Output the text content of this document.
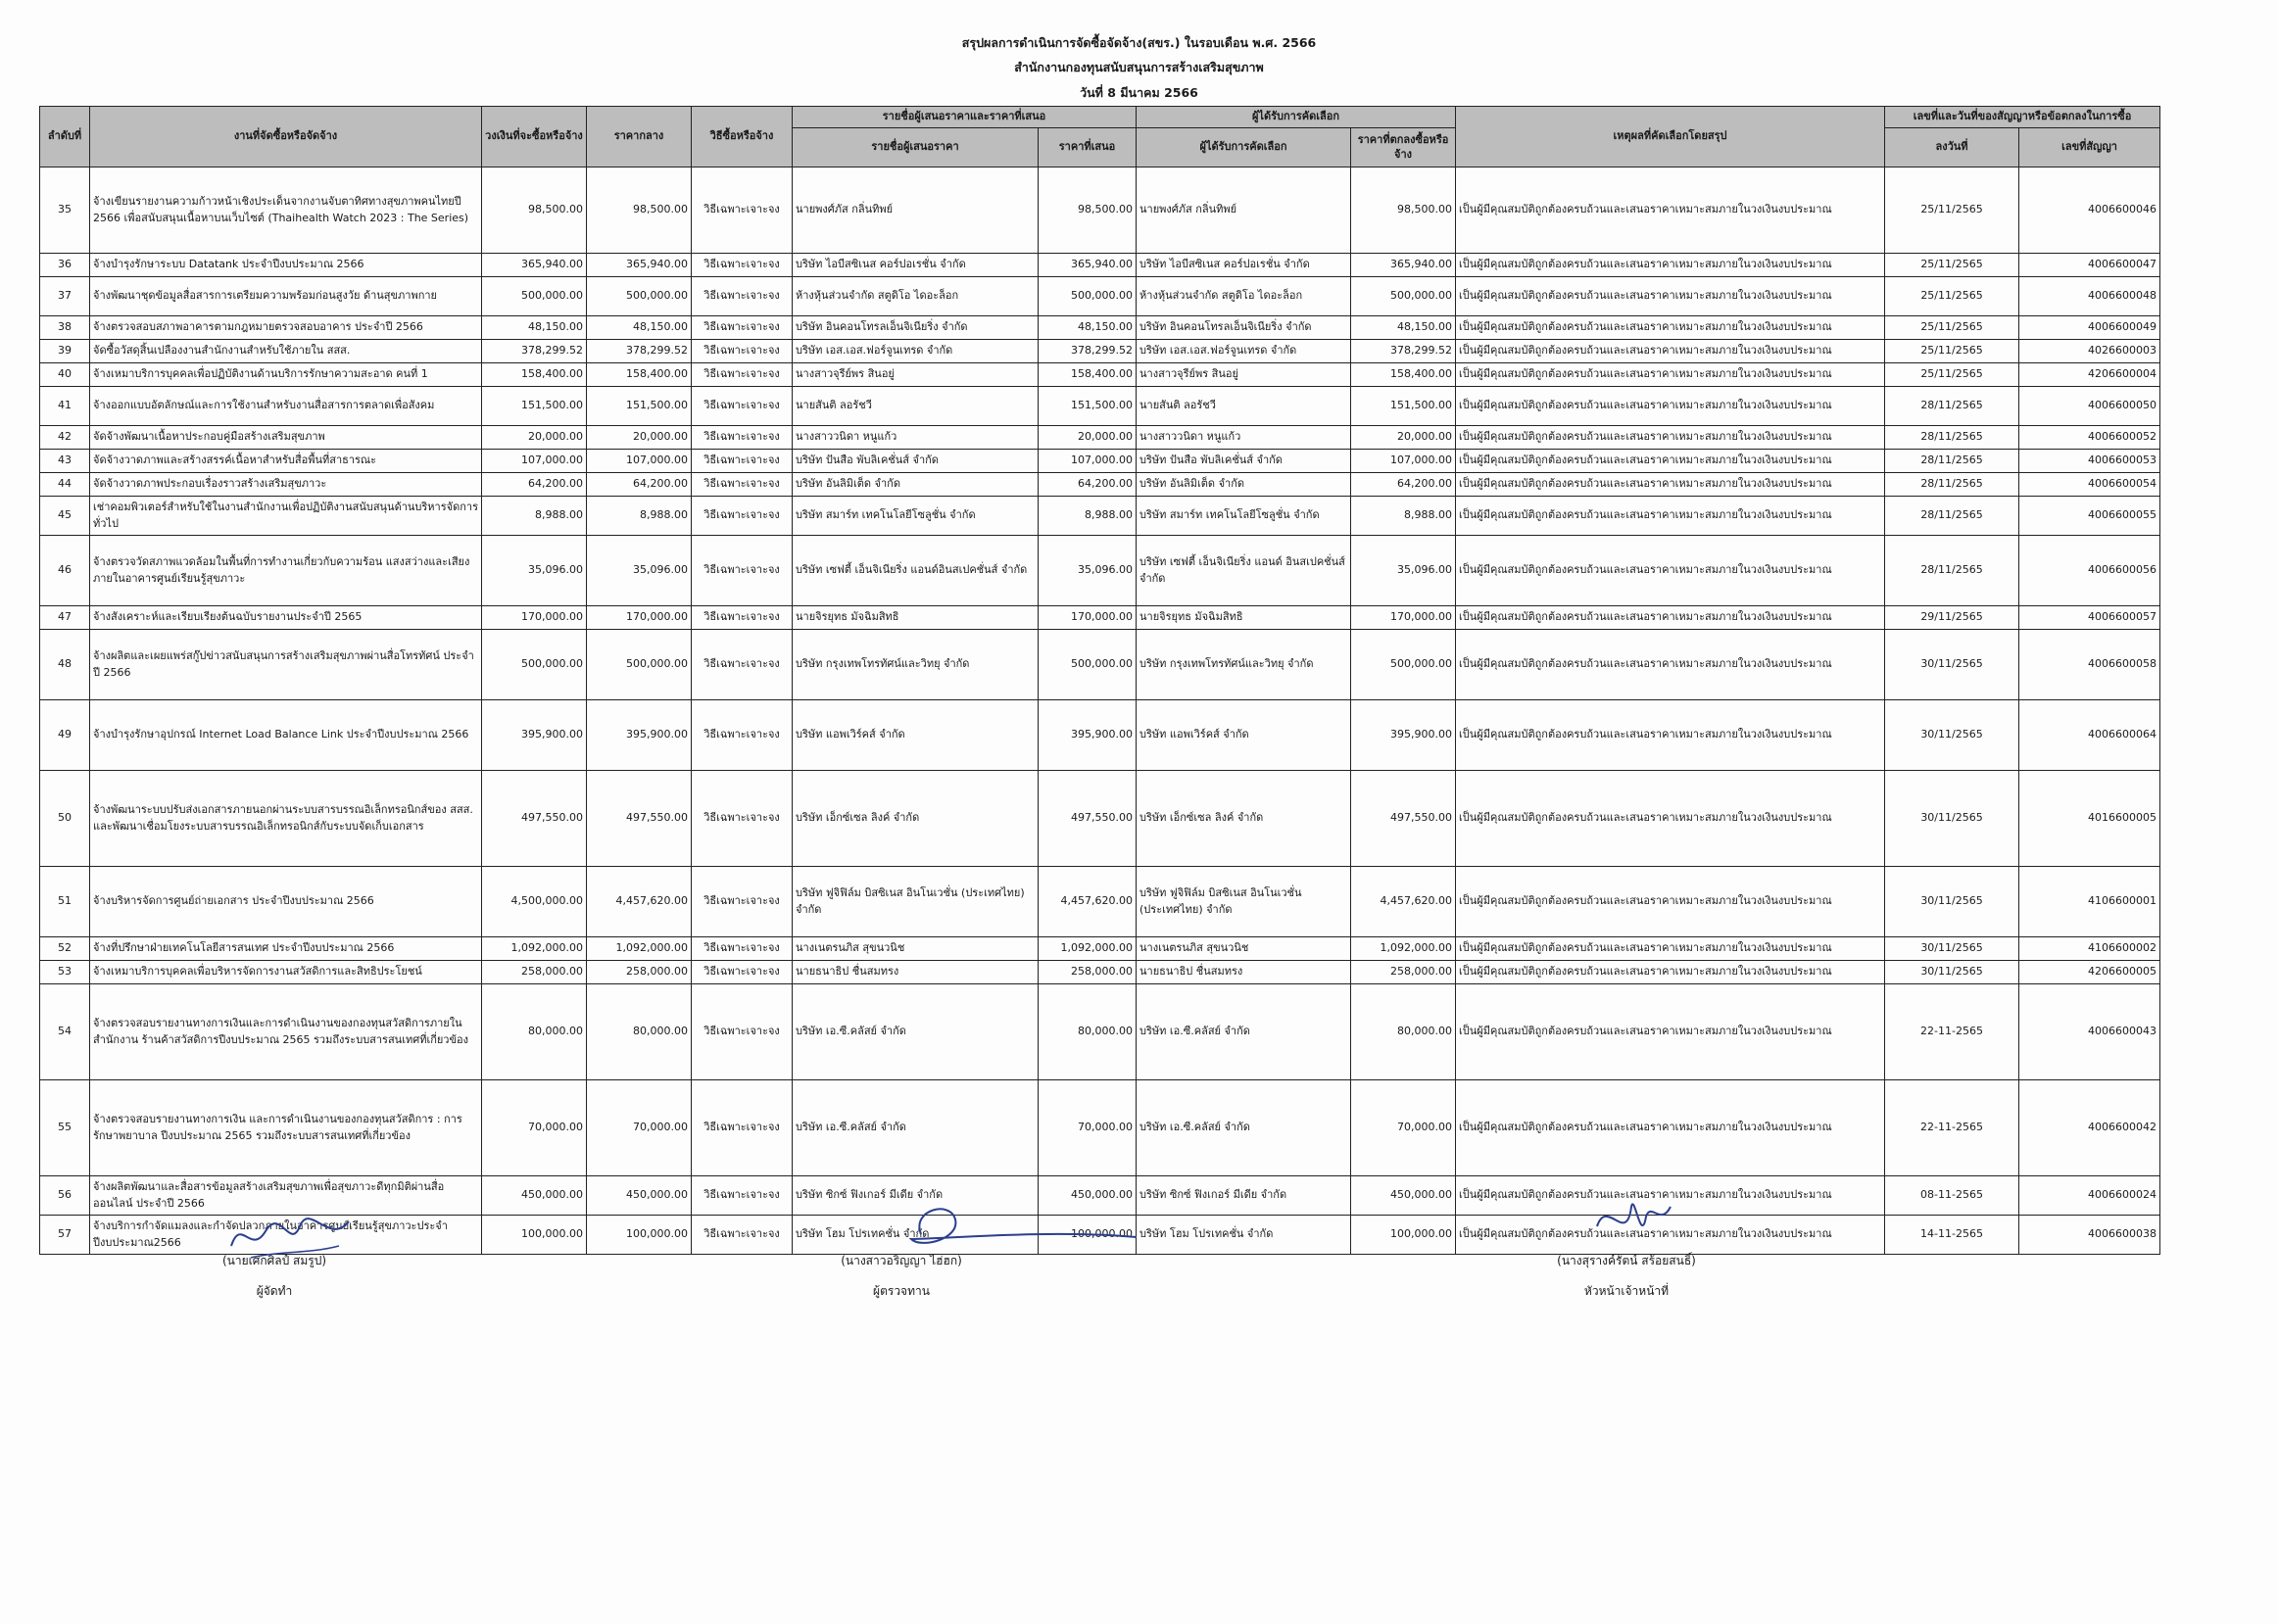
สรุปผลการดำเนินการจัดซื้อจัดจ้าง(สขร.) ในรอบเดือน พ.ศ. 2566
สำนักงานกองทุนสนับสนุนการสร้างเสริมสุขภาพ
วันที่ 8 มีนาคม 2566
ลำดับที่	งานที่จัดซื้อหรือจัดจ้าง	วงเงินที่จะซื้อหรือจ้าง	ราคากลาง	วิธีซื้อหรือจ้าง	รายชื่อผู้เสนอราคาและราคาที่เสนอ		ผู้ได้รับการคัดเลือก		เหตุผลที่คัดเลือกโดยสรุป	เลขที่และวันที่ของสัญญาหรือข้อตกลงในการซื้อ	
					รายชื่อผู้เสนอราคา	ราคาที่เสนอ	ผู้ได้รับการคัดเลือก	ราคาที่ตกลงซื้อหรือจ้าง		ลงวันที่	เลขที่สัญญา
35	จ้างเขียนรายงานความก้าวหน้าเชิงประเด็นจากงานจับตาทิศทางสุขภาพคนไทยปี 2566 เพื่อสนับสนุนเนื้อหาบนเว็บไซต์ (Thaihealth Watch 2023 : The Series)	98,500.00	98,500.00	วิธีเฉพาะเจาะจง	นายพงศ์ภัส กลิ่นทิพย์	98,500.00	นายพงศ์ภัส กลิ่นทิพย์	98,500.00	เป็นผู้มีคุณสมบัติถูกต้องครบถ้วนและเสนอราคาเหมาะสมภายในวงเงินงบประมาณ	25/11/2565	4006600046
36	จ้างบำรุงรักษาระบบ Datatank ประจำปีงบประมาณ 2566	365,940.00	365,940.00	วิธีเฉพาะเจาะจง	บริษัท ไอบีสซิเนส คอร์ปอเรชั่น จำกัด	365,940.00	บริษัท ไอบีสซิเนส คอร์ปอเรชั่น จำกัด	365,940.00	เป็นผู้มีคุณสมบัติถูกต้องครบถ้วนและเสนอราคาเหมาะสมภายในวงเงินงบประมาณ	25/11/2565	4006600047
37	จ้างพัฒนาชุดข้อมูลสื่อสารการเตรียมความพร้อมก่อนสูงวัย ด้านสุขภาพกาย	500,000.00	500,000.00	วิธีเฉพาะเจาะจง	ห้างหุ้นส่วนจำกัด สตูดิโอ ไดอะล็อก	500,000.00	ห้างหุ้นส่วนจำกัด สตูดิโอ ไดอะล็อก	500,000.00	เป็นผู้มีคุณสมบัติถูกต้องครบถ้วนและเสนอราคาเหมาะสมภายในวงเงินงบประมาณ	25/11/2565	4006600048
38	จ้างตรวจสอบสภาพอาคารตามกฎหมายตรวจสอบอาคาร ประจำปี 2566	48,150.00	48,150.00	วิธีเฉพาะเจาะจง	บริษัท อินคอนโทรลเอ็นจิเนียริ่ง จำกัด	48,150.00	บริษัท อินคอนโทรลเอ็นจิเนียริ่ง จำกัด	48,150.00	เป็นผู้มีคุณสมบัติถูกต้องครบถ้วนและเสนอราคาเหมาะสมภายในวงเงินงบประมาณ	25/11/2565	4006600049
39	จัดซื้อวัสดุสิ้นเปลืองงานสำนักงานสำหรับใช้ภายใน สสส.	378,299.52	378,299.52	วิธีเฉพาะเจาะจง	บริษัท เอส.เอส.ฟอร์จูนเทรด จำกัด	378,299.52	บริษัท เอส.เอส.ฟอร์จูนเทรด จำกัด	378,299.52	เป็นผู้มีคุณสมบัติถูกต้องครบถ้วนและเสนอราคาเหมาะสมภายในวงเงินงบประมาณ	25/11/2565	4026600003
40	จ้างเหมาบริการบุคคลเพื่อปฏิบัติงานด้านบริการรักษาความสะอาด คนที่ 1	158,400.00	158,400.00	วิธีเฉพาะเจาะจง	นางสาวจุรีย์พร สินอยู่	158,400.00	นางสาวจุรีย์พร สินอยู่	158,400.00	เป็นผู้มีคุณสมบัติถูกต้องครบถ้วนและเสนอราคาเหมาะสมภายในวงเงินงบประมาณ	25/11/2565	4206600004
41	จ้างออกแบบอัตลักษณ์และการใช้งานสำหรับงานสื่อสารการตลาดเพื่อสังคม	151,500.00	151,500.00	วิธีเฉพาะเจาะจง	นายสันติ ลอรัชวี	151,500.00	นายสันติ ลอรัชวี	151,500.00	เป็นผู้มีคุณสมบัติถูกต้องครบถ้วนและเสนอราคาเหมาะสมภายในวงเงินงบประมาณ	28/11/2565	4006600050
42	จัดจ้างพัฒนาเนื้อหาประกอบคู่มือสร้างเสริมสุขภาพ	20,000.00	20,000.00	วิธีเฉพาะเจาะจง	นางสาววนิดา หนูแก้ว	20,000.00	นางสาววนิดา หนูแก้ว	20,000.00	เป็นผู้มีคุณสมบัติถูกต้องครบถ้วนและเสนอราคาเหมาะสมภายในวงเงินงบประมาณ	28/11/2565	4006600052
43	จัดจ้างวาดภาพและสร้างสรรค์เนื้อหาสำหรับสื่อพื้นที่สาธารณะ	107,000.00	107,000.00	วิธีเฉพาะเจาะจง	บริษัท ปันสือ พับลิเคชั่นส์ จำกัด	107,000.00	บริษัท ปันสือ พับลิเคชั่นส์ จำกัด	107,000.00	เป็นผู้มีคุณสมบัติถูกต้องครบถ้วนและเสนอราคาเหมาะสมภายในวงเงินงบประมาณ	28/11/2565	4006600053
44	จัดจ้างวาดภาพประกอบเรื่องราวสร้างเสริมสุขภาวะ	64,200.00	64,200.00	วิธีเฉพาะเจาะจง	บริษัท อันลิมิเต็ด จำกัด	64,200.00	บริษัท อันลิมิเต็ด จำกัด	64,200.00	เป็นผู้มีคุณสมบัติถูกต้องครบถ้วนและเสนอราคาเหมาะสมภายในวงเงินงบประมาณ	28/11/2565	4006600054
45	เช่าคอมพิวเตอร์สำหรับใช้ในงานสำนักงานเพื่อปฏิบัติงานสนับสนุนด้านบริหารจัดการทั่วไป	8,988.00	8,988.00	วิธีเฉพาะเจาะจง	บริษัท สมาร์ท เทคโนโลยีโซลูชั่น จำกัด	8,988.00	บริษัท สมาร์ท เทคโนโลยีโซลูชั่น จำกัด	8,988.00	เป็นผู้มีคุณสมบัติถูกต้องครบถ้วนและเสนอราคาเหมาะสมภายในวงเงินงบประมาณ	28/11/2565	4006600055
46	จ้างตรวจวัดสภาพแวดล้อมในพื้นที่การทำงานเกี่ยวกับความร้อน แสงสว่างและเสียง ภายในอาคารศูนย์เรียนรู้สุขภาวะ	35,096.00	35,096.00	วิธีเฉพาะเจาะจง	บริษัท เซฟตี้ เอ็นจิเนียริ่ง แอนด์อินสเปคชั่นส์ จำกัด	35,096.00	บริษัท เซฟตี้ เอ็นจิเนียริ่ง แอนด์ อินสเปคชั่นส์ จำกัด	35,096.00	เป็นผู้มีคุณสมบัติถูกต้องครบถ้วนและเสนอราคาเหมาะสมภายในวงเงินงบประมาณ	28/11/2565	4006600056
47	จ้างสังเคราะห์และเรียบเรียงต้นฉบับรายงานประจำปี 2565	170,000.00	170,000.00	วิธีเฉพาะเจาะจง	นายจิรยุทธ มัจฉิมสิทธิ	170,000.00	นายจิรยุทธ มัจฉิมสิทธิ	170,000.00	เป็นผู้มีคุณสมบัติถูกต้องครบถ้วนและเสนอราคาเหมาะสมภายในวงเงินงบประมาณ	29/11/2565	4006600057
48	จ้างผลิตและเผยแพร่สกู๊ปข่าวสนับสนุนการสร้างเสริมสุขภาพผ่านสื่อโทรทัศน์ ประจำปี 2566	500,000.00	500,000.00	วิธีเฉพาะเจาะจง	บริษัท กรุงเทพโทรทัศน์และวิทยุ จำกัด	500,000.00	บริษัท กรุงเทพโทรทัศน์และวิทยุ จำกัด	500,000.00	เป็นผู้มีคุณสมบัติถูกต้องครบถ้วนและเสนอราคาเหมาะสมภายในวงเงินงบประมาณ	30/11/2565	4006600058
49	จ้างบำรุงรักษาอุปกรณ์ Internet Load Balance Link ประจำปีงบประมาณ 2566	395,900.00	395,900.00	วิธีเฉพาะเจาะจง	บริษัท แอพเวิร์คส์ จำกัด	395,900.00	บริษัท แอพเวิร์คส์ จำกัด	395,900.00	เป็นผู้มีคุณสมบัติถูกต้องครบถ้วนและเสนอราคาเหมาะสมภายในวงเงินงบประมาณ	30/11/2565	4006600064
50	จ้างพัฒนาระบบปรับส่งเอกสารภายนอกผ่านระบบสารบรรณอิเล็กทรอนิกส์ของ สสส. และพัฒนาเชื่อมโยงระบบสารบรรณอิเล็กทรอนิกส์กับระบบจัดเก็บเอกสาร	497,550.00	497,550.00	วิธีเฉพาะเจาะจง	บริษัท เอ็กซ์เซล ลิงค์ จำกัด	497,550.00	บริษัท เอ็กซ์เซล ลิงค์ จำกัด	497,550.00	เป็นผู้มีคุณสมบัติถูกต้องครบถ้วนและเสนอราคาเหมาะสมภายในวงเงินงบประมาณ	30/11/2565	4016600005
51	จ้างบริหารจัดการศูนย์ถ่ายเอกสาร ประจำปีงบประมาณ 2566	4,500,000.00	4,457,620.00	วิธีเฉพาะเจาะจง	บริษัท ฟูจิฟิล์ม บิสซิเนส อินโนเวชั่น (ประเทศไทย) จำกัด	4,457,620.00	บริษัท ฟูจิฟิล์ม บิสซิเนส อินโนเวชั่น (ประเทศไทย) จำกัด	4,457,620.00	เป็นผู้มีคุณสมบัติถูกต้องครบถ้วนและเสนอราคาเหมาะสมภายในวงเงินงบประมาณ	30/11/2565	4106600001
52	จ้างที่ปรึกษาฝ่ายเทคโนโลยีสารสนเทศ ประจำปีงบประมาณ 2566	1,092,000.00	1,092,000.00	วิธีเฉพาะเจาะจง	นางเนตรนภิส สุขนวนิช	1,092,000.00	นางเนตรนภิส สุขนวนิช	1,092,000.00	เป็นผู้มีคุณสมบัติถูกต้องครบถ้วนและเสนอราคาเหมาะสมภายในวงเงินงบประมาณ	30/11/2565	4106600002
53	จ้างเหมาบริการบุคคลเพื่อบริหารจัดการงานสวัสดิการและสิทธิประโยชน์	258,000.00	258,000.00	วิธีเฉพาะเจาะจง	นายธนาธิป ชื่นสมทรง	258,000.00	นายธนาธิป ชื่นสมทรง	258,000.00	เป็นผู้มีคุณสมบัติถูกต้องครบถ้วนและเสนอราคาเหมาะสมภายในวงเงินงบประมาณ	30/11/2565	4206600005
54	จ้างตรวจสอบรายงานทางการเงินและการดำเนินงานของกองทุนสวัสดิการภายในสำนักงาน ร้านค้าสวัสดิการปีงบประมาณ 2565 รวมถึงระบบสารสนเทศที่เกี่ยวข้อง	80,000.00	80,000.00	วิธีเฉพาะเจาะจง	บริษัท เอ.ซี.คลัสย์ จำกัด	80,000.00	บริษัท เอ.ซี.คลัสย์ จำกัด	80,000.00	เป็นผู้มีคุณสมบัติถูกต้องครบถ้วนและเสนอราคาเหมาะสมภายในวงเงินงบประมาณ	22-11-2565	4006600043
55	จ้างตรวจสอบรายงานทางการเงิน และการดำเนินงานของกองทุนสวัสดิการ : การรักษาพยาบาล ปีงบประมาณ 2565 รวมถึงระบบสารสนเทศที่เกี่ยวข้อง	70,000.00	70,000.00	วิธีเฉพาะเจาะจง	บริษัท เอ.ซี.คลัสย์ จำกัด	70,000.00	บริษัท เอ.ซี.คลัสย์ จำกัด	70,000.00	เป็นผู้มีคุณสมบัติถูกต้องครบถ้วนและเสนอราคาเหมาะสมภายในวงเงินงบประมาณ	22-11-2565	4006600042
56	จ้างผลิตพัฒนาและสื่อสารข้อมูลสร้างเสริมสุขภาพเพื่อสุขภาวะดีทุกมิติผ่านสื่อออนไลน์ ประจำปี 2566	450,000.00	450,000.00	วิธีเฉพาะเจาะจง	บริษัท ซิกซ์ ฟิงเกอร์ มีเดีย จำกัด	450,000.00	บริษัท ซิกซ์ ฟิงเกอร์ มีเดีย จำกัด	450,000.00	เป็นผู้มีคุณสมบัติถูกต้องครบถ้วนและเสนอราคาเหมาะสมภายในวงเงินงบประมาณ	08-11-2565	4006600024
57	จ้างบริการกำจัดแมลงและกำจัดปลวกภายในอาคารศูนย์เรียนรู้สุขภาวะประจำปีงบประมาณ2566	100,000.00	100,000.00	วิธีเฉพาะเจาะจง	บริษัท โฮม โปรเทคชั่น จำกัด	100,000.00	บริษัท โฮม โปรเทคชั่น จำกัด	100,000.00	เป็นผู้มีคุณสมบัติถูกต้องครบถ้วนและเสนอราคาเหมาะสมภายในวงเงินงบประมาณ	14-11-2565	4006600038
(นายเศกศิลป์ สมรูป)
ผู้จัดทำ
(นางสาวอริญญา ไฮ่ฮก)
ผู้ตรวจทาน
(นางสุรางค์รัตน์ สร้อยสนธิ์)
หัวหน้าเจ้าหน้าที่
